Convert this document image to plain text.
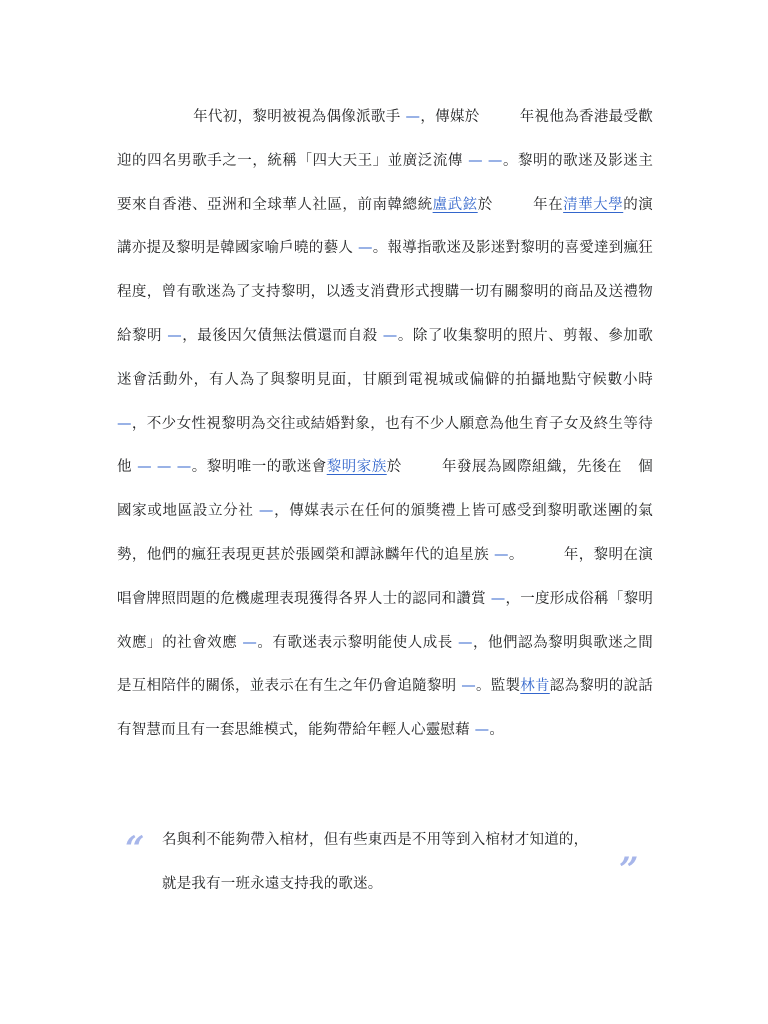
年代初，黎明被視為偶像派歌手 —，傳媒於	年視他為香港最受歡迎的四名男歌手之一，統稱「四大天王」並廣泛流傳 — —。黎明的歌迷及影迷主要來自香港、亞洲和全球華人社區，前南韓總統盧武鉉於	年在清華大學的演講亦提及黎明是韓國家喻戶曉的藝人 —。報導指歌迷及影迷對黎明的喜愛達到瘋狂程度，曾有歌迷為了支持黎明，以透支消費形式搜購一切有關黎明的商品及送禮物給黎明 —，最後因欠債無法償還而自殺 —。除了收集黎明的照片、剪報、參加歌迷會活動外，有人為了與黎明見面，甘願到電視城或偏僻的拍攝地點守候數小時 —，不少女性視黎明為交往或結婚對象，也有不少人願意為他生育子女及終生等待他 — — —。黎明唯一的歌迷會黎明家族於	年發展為國際組織，先後在 個國家或地區設立分社 —，傳媒表示在任何的頒獎禮上皆可感受到黎明歌迷團的氣勢，他們的瘋狂表現更甚於張國榮和譚詠麟年代的追星族 —。	年，黎明在演唱會牌照問題的危機處理表現獲得各界人士的認同和讚賞 —，一度形成俗稱「黎明效應」的社會效應 —。有歌迷表示黎明能使人成長 —，他們認為黎明與歌迷之間是互相陪伴的關係，並表示在有生之年仍會追隨黎明 —。監製林肯認為黎明的說話有智慧而且有一套思維模式，能夠帶給年輕人心靈慰藉 —。

“ 名與利不能夠帶入棺材，但有些東西是不用等到入棺材才知道的，就是我有一班永遠支持我的歌迷。	”
